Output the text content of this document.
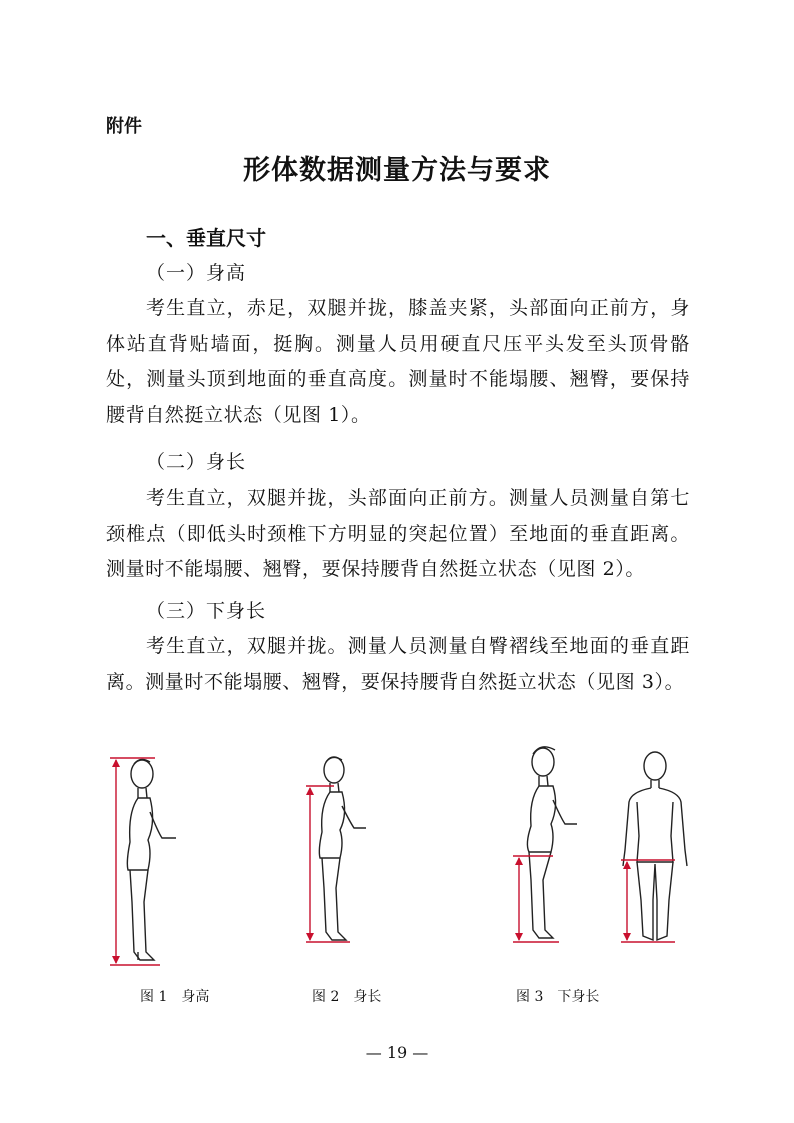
附件
形体数据测量方法与要求
一、垂直尺寸
（一）身高
考生直立，赤足，双腿并拢，膝盖夹紧，头部面向正前方，身体站直背贴墙面，挺胸。测量人员用硬直尺压平头发至头顶骨骼处，测量头顶到地面的垂直高度。测量时不能塌腰、翘臀，要保持腰背自然挺立状态（见图 1）。
（二）身长
考生直立，双腿并拢，头部面向正前方。测量人员测量自第七颈椎点（即低头时颈椎下方明显的突起位置）至地面的垂直距离。测量时不能塌腰、翘臀，要保持腰背自然挺立状态（见图 2）。
（三）下身长
考生直立，双腿并拢。测量人员测量自臀褶线至地面的垂直距离。测量时不能塌腰、翘臀，要保持腰背自然挺立状态（见图 3）。
图 1　身高	图 2　身长	图 3　下身长
— 19 —
